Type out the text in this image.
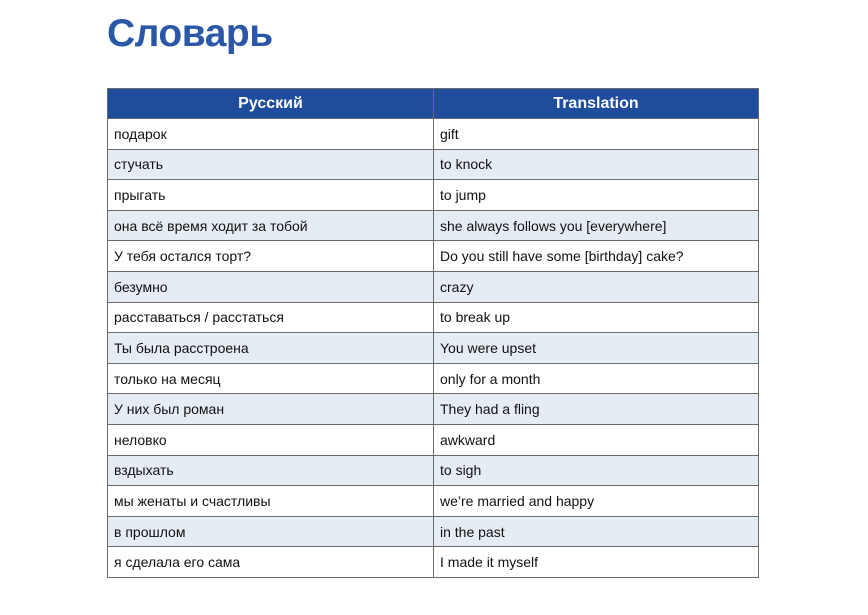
Словарь
Русский	Translation
подарок	gift
стучать	to knock
прыгать	to jump
она всё время ходит за тобой	she always follows you [everywhere]
У тебя остался торт?	Do you still have some [birthday] cake?
безумно	crazy
расставаться / расстаться	to break up
Ты была расстроена	You were upset
только на месяц	only for a month
У них был роман	They had a fling
неловко	awkward
вздыхать	to sigh
мы женаты и счастливы	we’re married and happy
в прошлом	in the past
я сделала его сама	I made it myself
